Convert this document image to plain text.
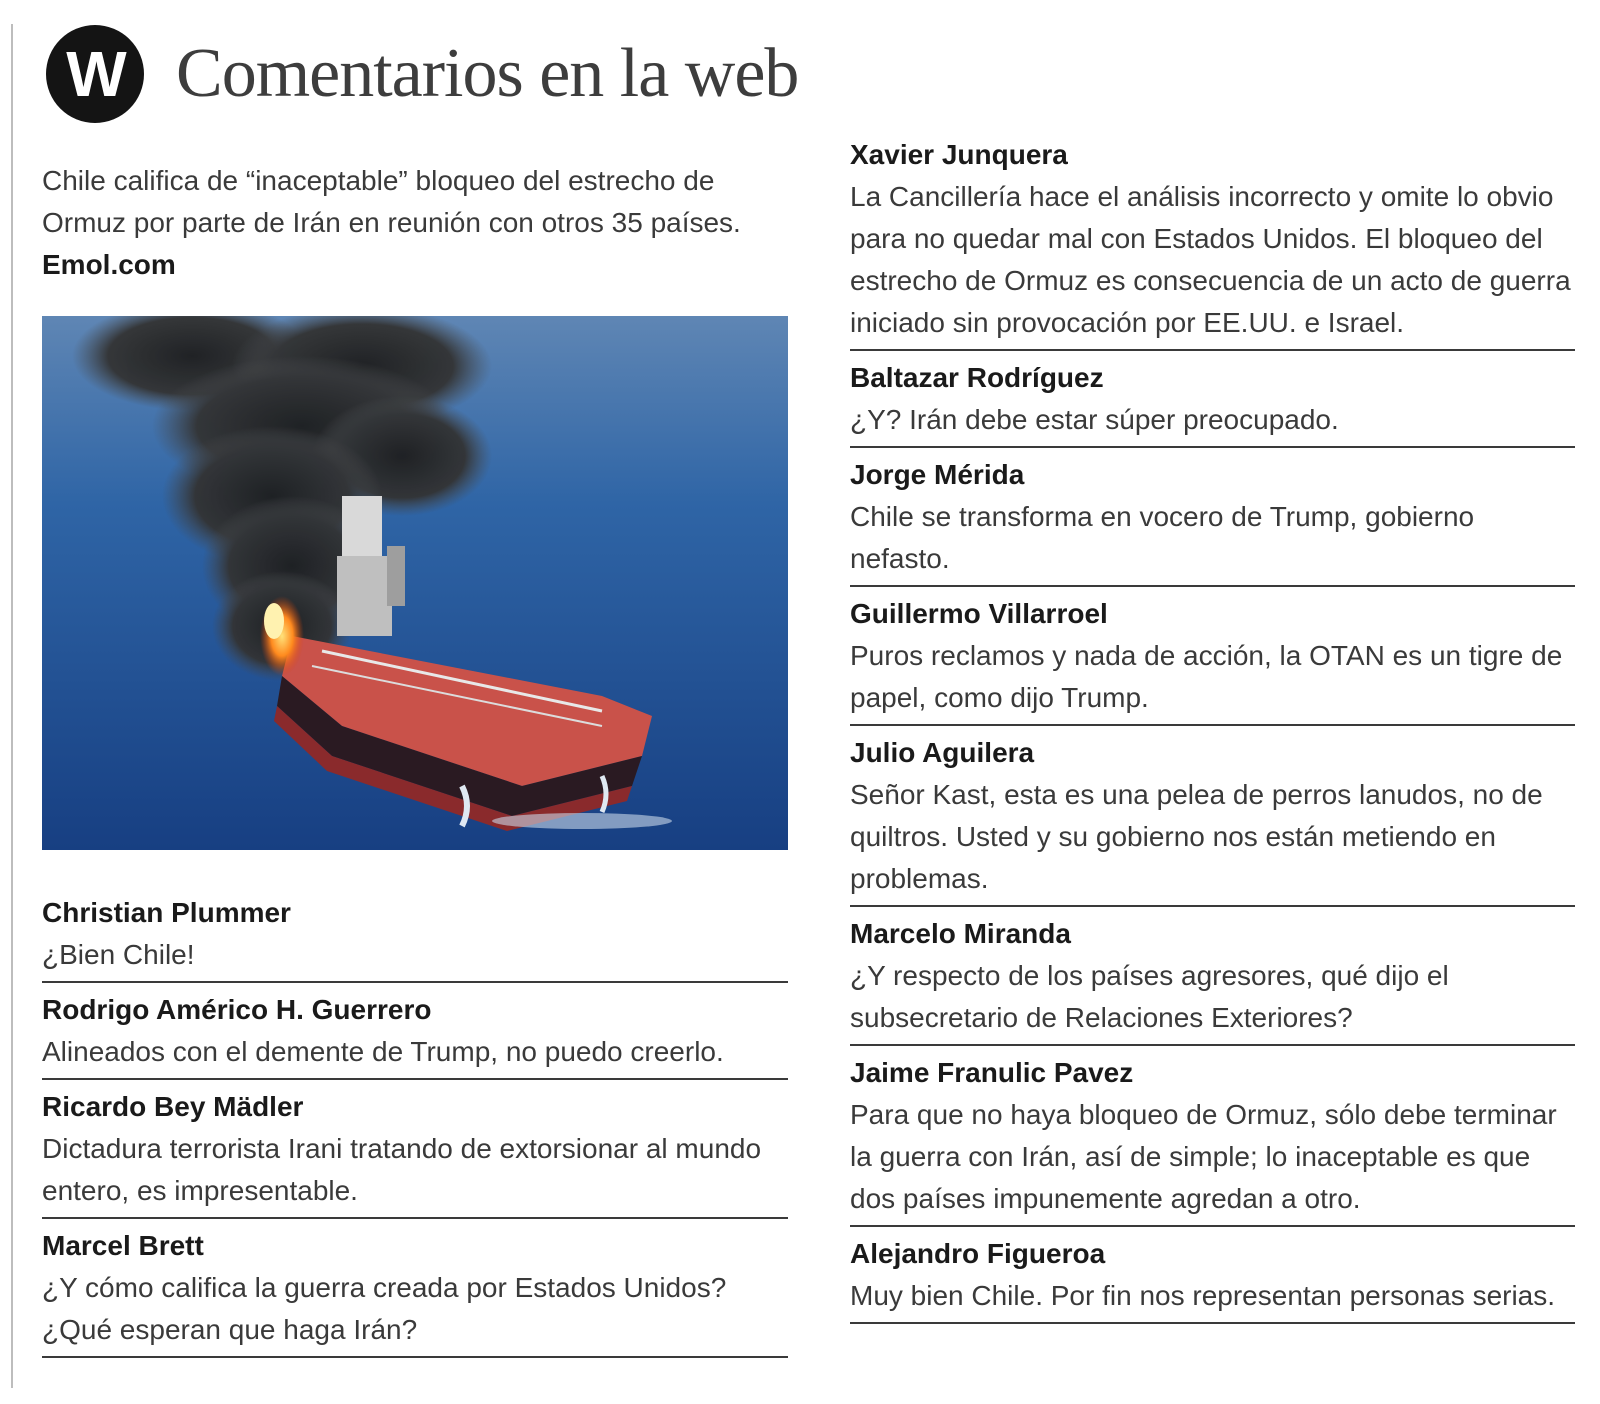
W Comentarios en la web

Chile califica de “inaceptable” bloqueo del estrecho de Ormuz por parte de Irán en reunión con otros 35 países. Emol.com

Christian Plummer

¿Bien Chile!

Rodrigo Américo H. Guerrero

Alineados con el demente de Trump, no puedo creerlo.

Ricardo Bey Mädler

Dictadura terrorista Irani tratando de extorsionar al mundo entero, es impresentable.

Marcel Brett

¿Y cómo califica la guerra creada por Estados Unidos? ¿Qué esperan que haga Irán?

Xavier Junquera

La Cancillería hace el análisis incorrecto y omite lo obvio para no quedar mal con Estados Unidos. El bloqueo del estrecho de Ormuz es consecuencia de un acto de guerra iniciado sin provocación por EE.UU. e Israel.

Baltazar Rodríguez

¿Y? Irán debe estar súper preocupado.

Jorge Mérida

Chile se transforma en vocero de Trump, gobierno nefasto.

Guillermo Villarroel

Puros reclamos y nada de acción, la OTAN es un tigre de papel, como dijo Trump.

Julio Aguilera

Señor Kast, esta es una pelea de perros lanudos, no de quiltros. Usted y su gobierno nos están metiendo en problemas.

Marcelo Miranda

¿Y respecto de los países agresores, qué dijo el subsecretario de Relaciones Exteriores?

Jaime Franulic Pavez

Para que no haya bloqueo de Ormuz, sólo debe terminar la guerra con Irán, así de simple; lo inaceptable es que dos países impunemente agredan a otro.

Alejandro Figueroa

Muy bien Chile. Por fin nos representan personas serias.
